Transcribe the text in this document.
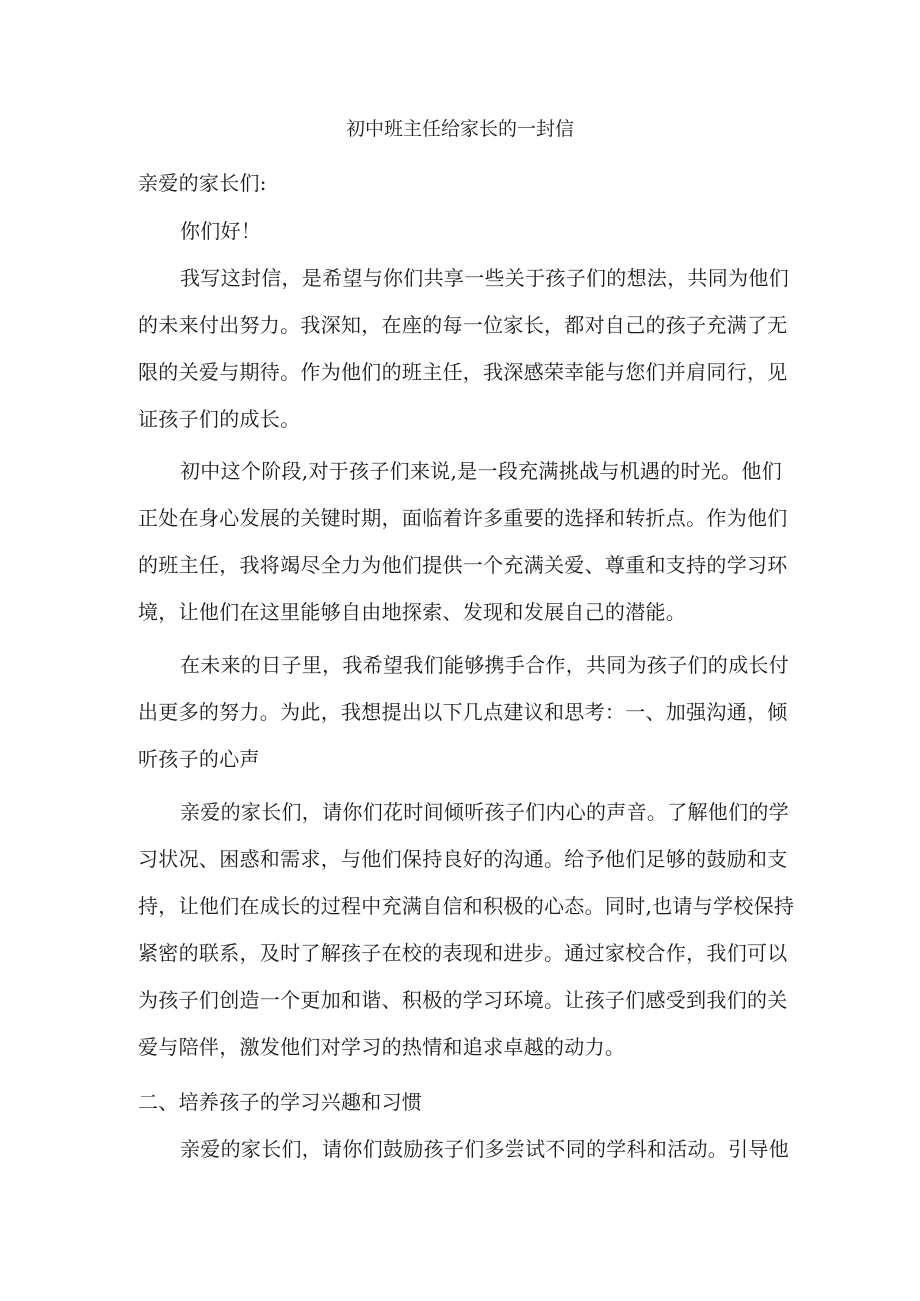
初中班主任给家长的一封信
亲爱的家长们:
你们好！
我写这封信，是希望与你们共享一些关于孩子们的想法，共同为他们
的未来付出努力。我深知，在座的每一位家长，都对自己的孩子充满了无
限的关爱与期待。作为他们的班主任，我深感荣幸能与您们并肩同行，见
证孩子们的成长。
初中这个阶段,对于孩子们来说,是一段充满挑战与机遇的时光。他们
正处在身心发展的关键时期，面临着许多重要的选择和转折点。作为他们
的班主任，我将竭尽全力为他们提供一个充满关爱、尊重和支持的学习环
境，让他们在这里能够自由地探索、发现和发展自己的潜能。
在未来的日子里，我希望我们能够携手合作，共同为孩子们的成长付
出更多的努力。为此，我想提出以下几点建议和思考：一、加强沟通，倾
听孩子的心声
亲爱的家长们，请你们花时间倾听孩子们内心的声音。了解他们的学
习状况、困惑和需求，与他们保持良好的沟通。给予他们足够的鼓励和支
持，让他们在成长的过程中充满自信和积极的心态。同时,也请与学校保持
紧密的联系，及时了解孩子在校的表现和进步。通过家校合作，我们可以
为孩子们创造一个更加和谐、积极的学习环境。让孩子们感受到我们的关
爱与陪伴，激发他们对学习的热情和追求卓越的动力。
二、培养孩子的学习兴趣和习惯
亲爱的家长们，请你们鼓励孩子们多尝试不同的学科和活动。引导他
